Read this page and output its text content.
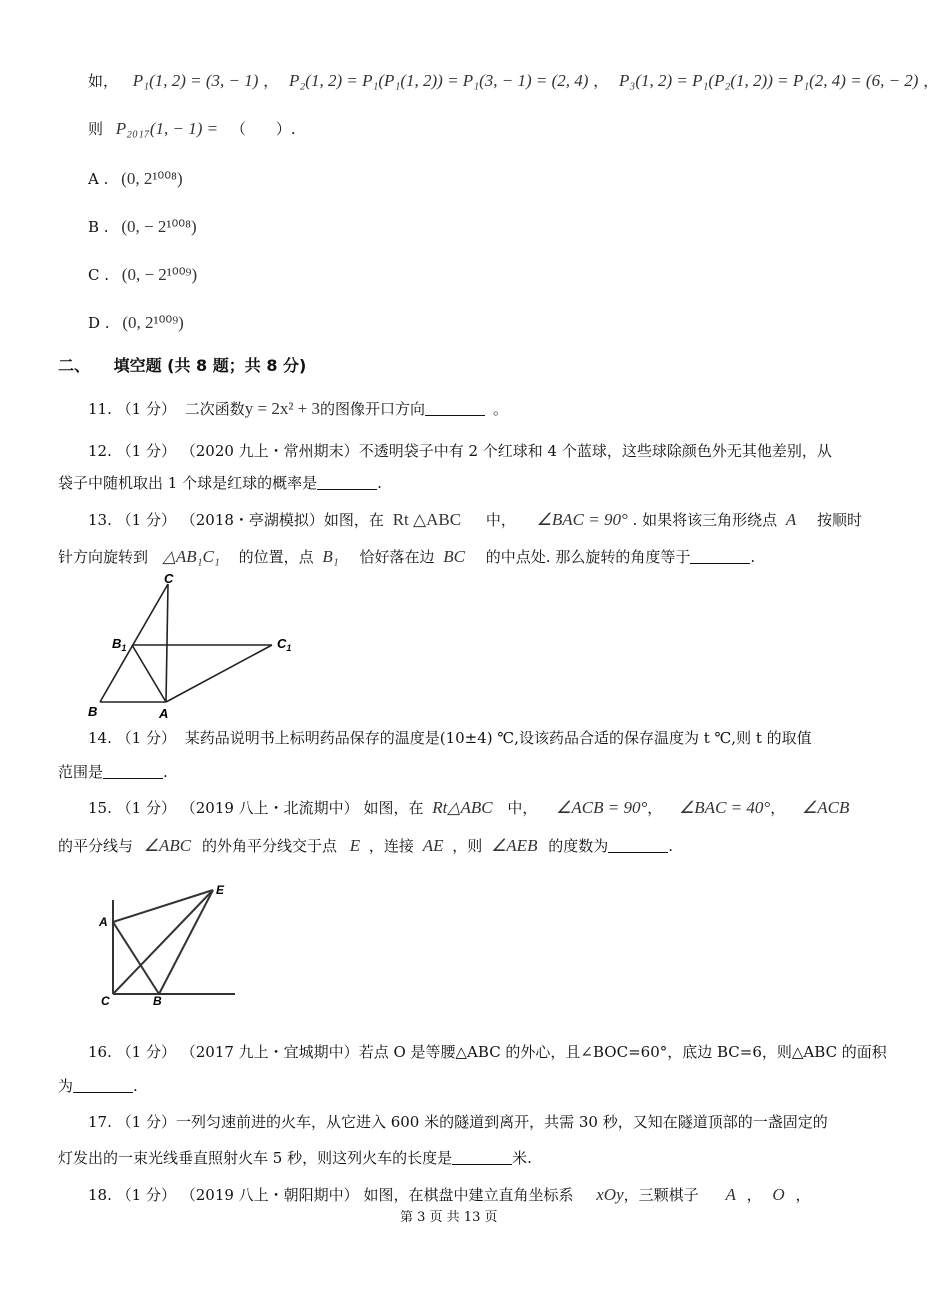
如， P₁(1, 2) = (3, − 1) ， P₂(1, 2) = P₁(P₁(1, 2)) = P₁(3, − 1) = (2, 4) ， P₃(1, 2) = P₁(P₂(1, 2)) = P₁(2, 4) = (6, − 2) ，
则 P₂₀₁₇(1, − 1) = （　　）.
A . (0, 2¹⁰⁰⁸)
B . (0, − 2¹⁰⁰⁸)
C . (0, − 2¹⁰⁰⁹)
D . (0, 2¹⁰⁰⁹)
二、 填空题 (共 8 题；共 8 分)
11. （1 分） 二次函数y = 2x² + 3的图像开口方向	。
12. （1 分） （2020 九上・常州期末）不透明袋子中有 2 个红球和 4 个蓝球，这些球除颜色外无其他差别，从
袋子中随机取出 1 个球是红球的概率是	.
13. （1 分） （2018・亭湖模拟）如图，在 Rt △ABC 中， ∠BAC = 90° . 如果将该三角形绕点 A 按顺时
针方向旋转到 △AB₁C₁ 的位置，点 B₁ 恰好落在边 BC 的中点处. 那么旋转的角度等于	.
C
$B_1$	$C_1$
B	A
14. （1 分） 某药品说明书上标明药品保存的温度是(10±4) ℃,设该药品合适的保存温度为 t ℃,则 t 的取值
范围是	.
15. （1 分） （2019 八上・北流期中） 如图，在 Rt△ABC 中， ∠ACB = 90°， ∠BAC = 40°， ∠ACB
的平分线与 ∠ABC 的外角平分线交于点 E ，连接 AE ，则 ∠AEB 的度数为	.
A
E
C	B
16. （1 分） （2017 九上・宜城期中）若点 O 是等腰△ABC 的外心，且∠BOC=60°，底边 BC=6，则△ABC 的面积
为	.
17. （1 分）一列匀速前进的火车，从它进入 600 米的隧道到离开，共需 30 秒，又知在隧道顶部的一盏固定的
灯发出的一束光线垂直照射火车 5 秒，则这列火车的长度是	米.
18. （1 分） （2019 八上・朝阳期中） 如图，在棋盘中建立直角坐标系 xOy，三颗棋子 A ， O ，
第 3 页 共 13 页
